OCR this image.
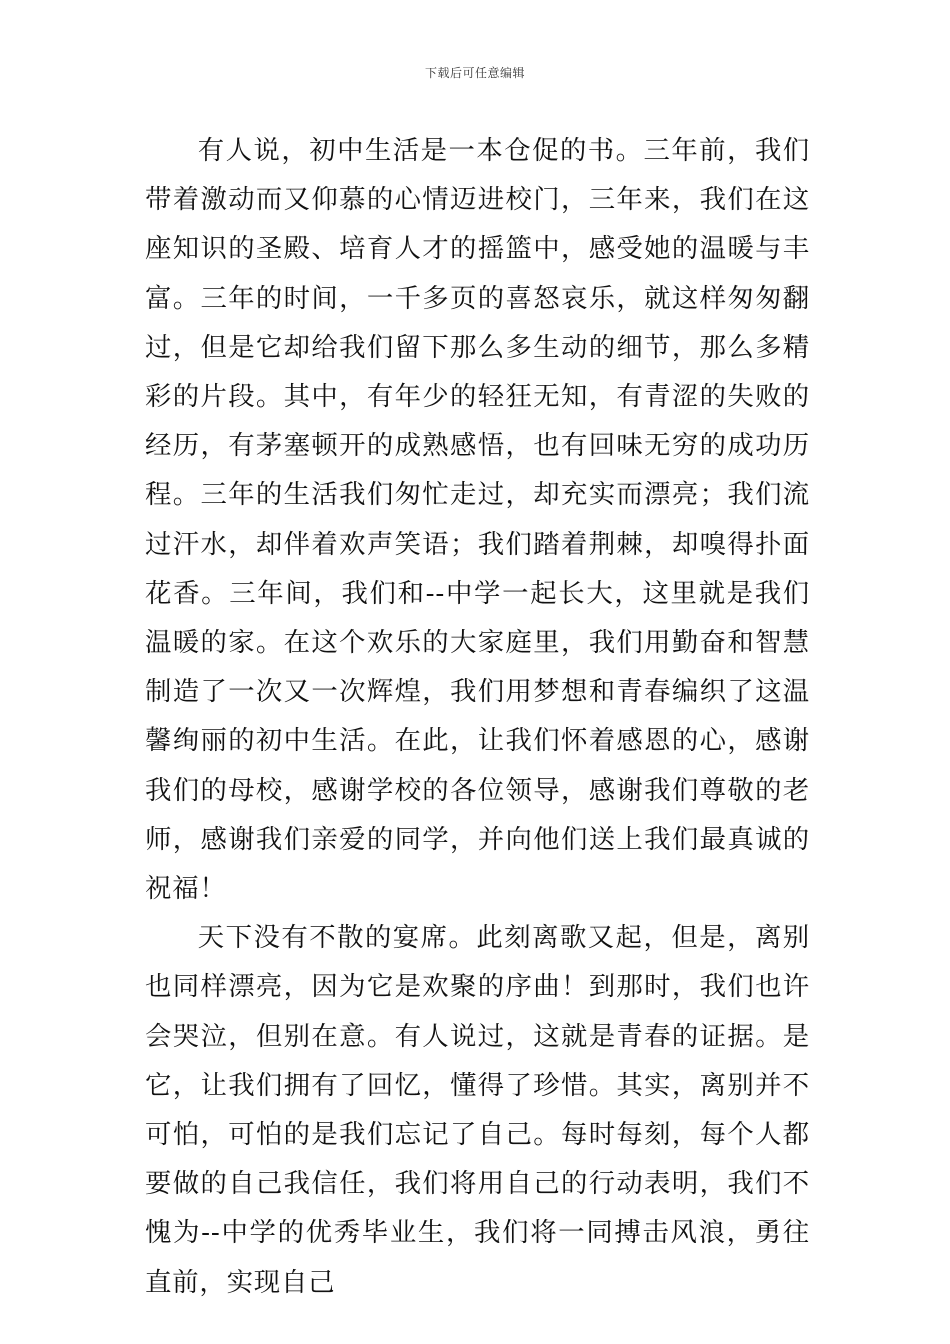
下载后可任意编辑

有人说，初中生活是一本仓促的书。三年前，我们带着激动而又仰慕的心情迈进校门，三年来，我们在这座知识的圣殿、培育人才的摇篮中，感受她的温暖与丰富。三年的时间，一千多页的喜怒哀乐，就这样匆匆翻过，但是它却给我们留下那么多生动的细节，那么多精彩的片段。其中，有年少的轻狂无知，有青涩的失败的经历，有茅塞顿开的成熟感悟，也有回味无穷的成功历程。三年的生活我们匆忙走过，却充实而漂亮；我们流过汗水，却伴着欢声笑语；我们踏着荆棘，却嗅得扑面花香。三年间，我们和--中学一起长大，这里就是我们温暖的家。在这个欢乐的大家庭里，我们用勤奋和智慧制造了一次又一次辉煌，我们用梦想和青春编织了这温馨绚丽的初中生活。在此，让我们怀着感恩的心，感谢我们的母校，感谢学校的各位领导，感谢我们尊敬的老师，感谢我们亲爱的同学，并向他们送上我们最真诚的祝福！

天下没有不散的宴席。此刻离歌又起，但是，离别也同样漂亮，因为它是欢聚的序曲！到那时，我们也许会哭泣，但别在意。有人说过，这就是青春的证据。是它，让我们拥有了回忆，懂得了珍惜。其实，离别并不可怕，可怕的是我们忘记了自己。每时每刻，每个人都要做的自己我信任，我们将用自己的行动表明，我们不愧为--中学的优秀毕业生，我们将一同搏击风浪，勇往直前，实现自己
